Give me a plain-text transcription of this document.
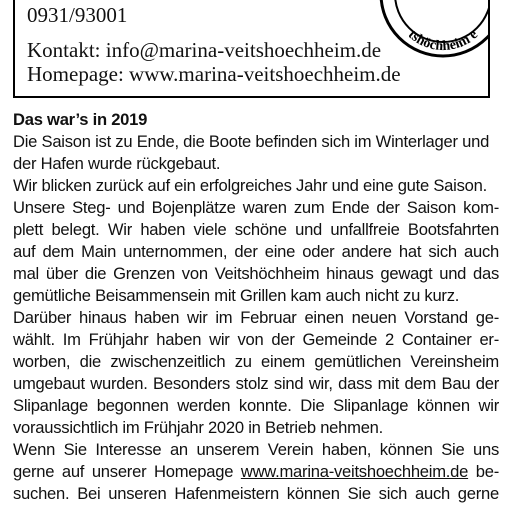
0931/93001
Kontakt: info@marina-veitshoechheim.de
Homepage: www.marina-veitshoechheim.de
tshöchheim e
Das war’s in 2019
Die Saison ist zu Ende, die Boote befinden sich im Winterlager und
der Hafen wurde rückgebaut.
Wir blicken zurück auf ein erfolgreiches Jahr und eine gute Saison.
Unsere Steg- und Bojenplätze waren zum Ende der Saison kom-
plett belegt. Wir haben viele schöne und unfallfreie Bootsfahrten
auf dem Main unternommen, der eine oder andere hat sich auch
mal über die Grenzen von Veitshöchheim hinaus gewagt und das
gemütliche Beisammensein mit Grillen kam auch nicht zu kurz.
Darüber hinaus haben wir im Februar einen neuen Vorstand ge-
wählt. Im Frühjahr haben wir von der Gemeinde 2 Container er-
worben, die zwischenzeitlich zu einem gemütlichen Vereinsheim
umgebaut wurden. Besonders stolz sind wir, dass mit dem Bau der
Slipanlage begonnen werden konnte. Die Slipanlage können wir
voraussichtlich im Frühjahr 2020 in Betrieb nehmen.
Wenn Sie Interesse an unserem Verein haben, können Sie uns
gerne auf unserer Homepage www.marina-veitshoechheim.de be-
suchen. Bei unseren Hafenmeistern können Sie sich auch gerne
